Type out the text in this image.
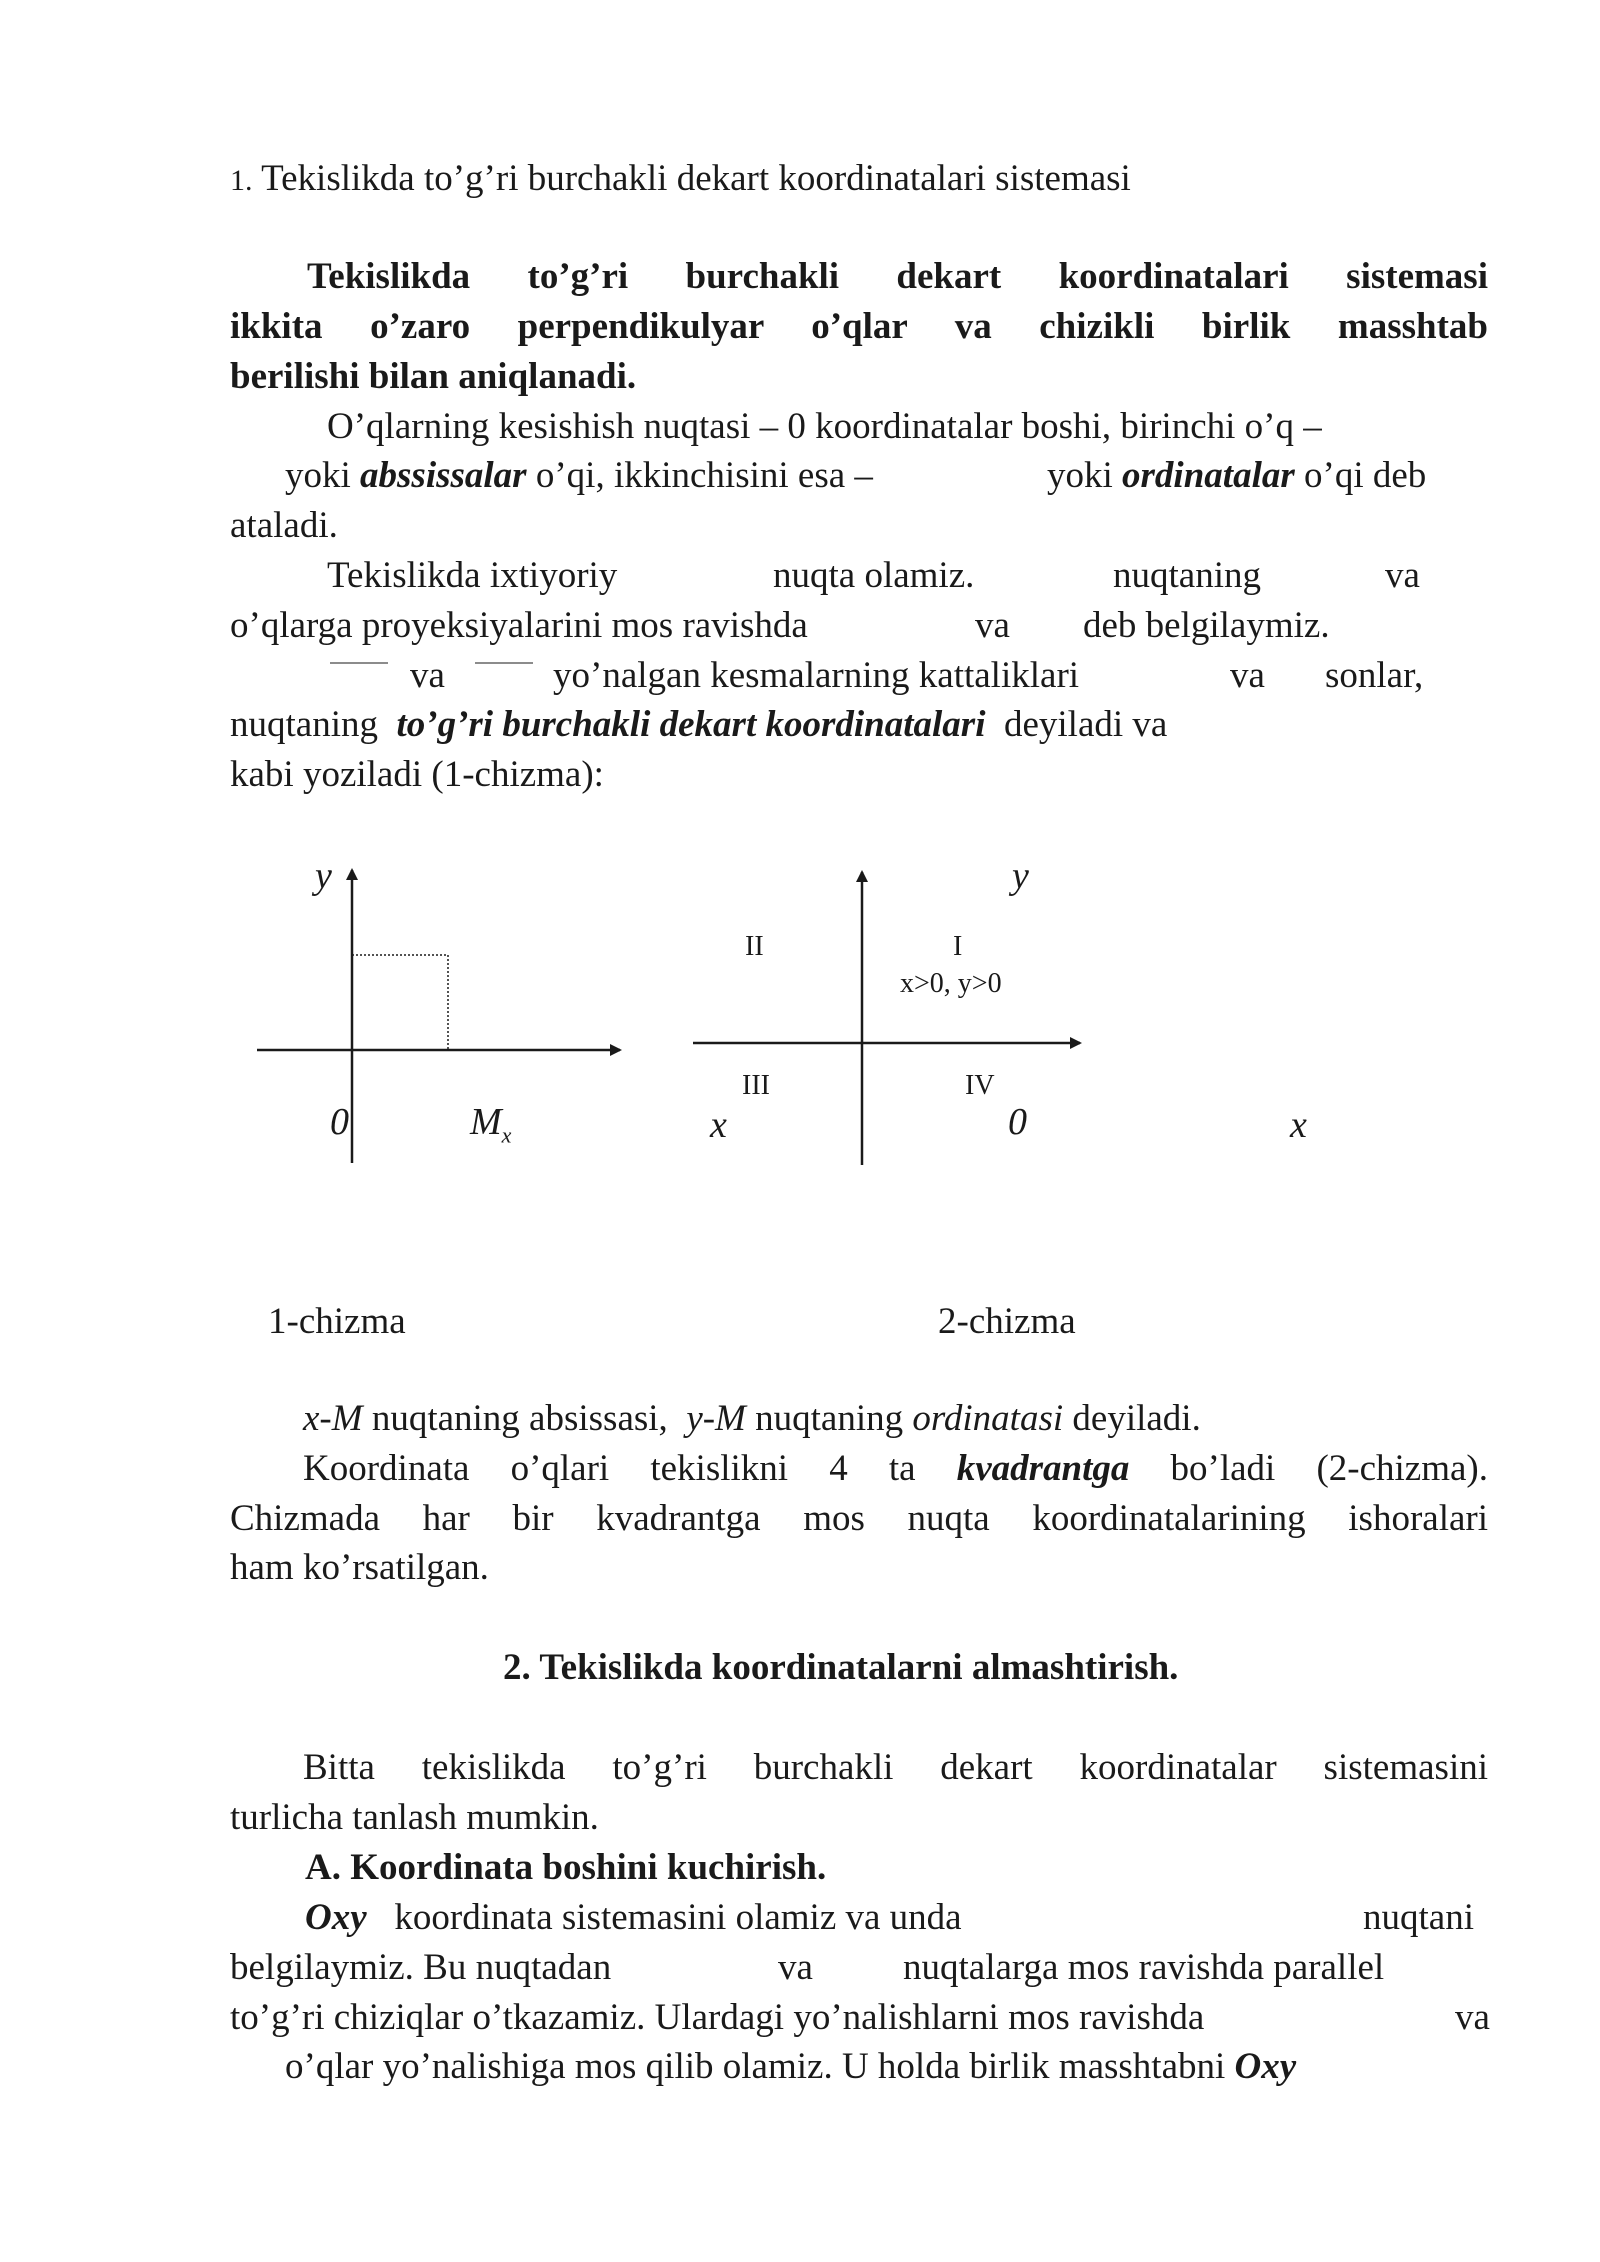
1. Tekislikda to’g’ri burchakli dekart koordinatalari sistemasi
Tekislikda to’g’ri burchakli dekart koordinatalari sistemasi
ikkita o’zaro perpendikulyar o’qlar va chizikli birlik masshtab
berilishi bilan aniqlanadi.
O’qlarning kesishish nuqtasi – 0 koordinatalar boshi, birinchi o’q –
yoki abssissalar o’qi, ikkinchisini esa –	yoki ordinatalar o’qi deb
ataladi.
Tekislikda ixtiyoriy	nuqta olamiz.	nuqtaning	va
o’qlarga proyeksiyalarini mos ravishda	va deb belgilaymiz.
va	yo’nalgan kesmalarning kattaliklari	va sonlar,
nuqtaning to’g’ri burchakli dekart koordinatalari deyiladi va
kabi yoziladi (1-chizma):
y
0	$M_x$	x
y
II	I
x>0, y>0
III	IV
0	x
1-chizma	2-chizma
x-M nuqtaning absissasi, y-M nuqtaning ordinatasi deyiladi.
Koordinata o’qlari tekislikni 4 ta kvadrantga bo’ladi (2-chizma).
Chizmada har bir kvadrantga mos nuqta koordinatalarining ishoralari
ham ko’rsatilgan.
2. Tekislikda koordinatalarni almashtirish.
Bitta tekislikda to’g’ri burchakli dekart koordinatalar sistemasini
turlicha tanlash mumkin.
A. Koordinata boshini kuchirish.
Oxy koordinata sistemasini olamiz va unda	nuqtani
belgilaymiz. Bu nuqtadan	va nuqtalarga mos ravishda parallel
to’g’ri chiziqlar o’tkazamiz. Ulardagi yo’nalishlarni mos ravishda	va
o’qlar yo’nalishiga mos qilib olamiz. U holda birlik masshtabni Oxy
